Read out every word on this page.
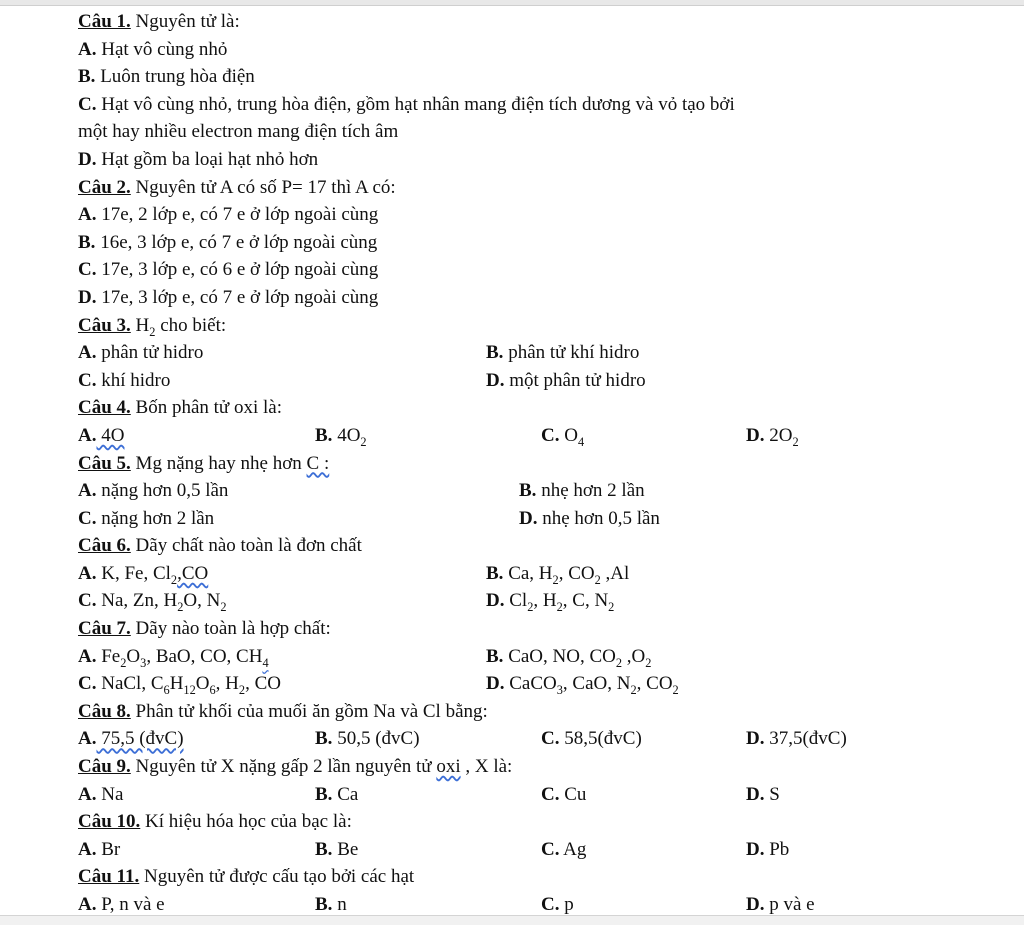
Câu 1. Nguyên tử là:
A. Hạt vô cùng nhỏ
B. Luôn trung hòa điện
C. Hạt vô cùng nhỏ, trung hòa điện, gồm hạt nhân mang điện tích dương và vỏ tạo bởi
một hay nhiều electron mang điện tích âm
D. Hạt gồm ba loại hạt nhỏ hơn
Câu 2. Nguyên tử A có số P= 17 thì A có:
A. 17e, 2 lớp e, có 7 e ở lớp ngoài cùng
B. 16e, 3 lớp e, có 7 e ở lớp ngoài cùng
C. 17e, 3 lớp e, có 6 e ở lớp ngoài cùng
D. 17e, 3 lớp e, có 7 e ở lớp ngoài cùng
Câu 3. $H_2$ cho biết:
A. phân tử hidro	B. phân tử khí hidro
C. khí hidro	D. một phân tử hidro
Câu 4. Bốn phân tử oxi là:
A. 4O	B. $4O_2$	C. $O_4$	D. $2O_2$
Câu 5. Mg nặng hay nhẹ hơn C :
A. nặng hơn 0,5 lần	B. nhẹ hơn 2 lần
C. nặng hơn 2 lần	D. nhẹ hơn 0,5 lần
Câu 6. Dãy chất nào toàn là đơn chất
A. K, Fe, $Cl_2,CO$	B. Ca, $H_2$, $CO_2$ ,Al
C. Na, Zn, $H_2O$, $N_2$	D. $Cl_2$, $H_2$, C, $N_2$
Câu 7. Dãy nào toàn là hợp chất:
A. $Fe_2O_3$, BaO, CO, $CH_4$	B. CaO, NO, $CO_2$ $,O_2$
C. NaCl, $C_6H_{12}O_6$, $H_2$, CO	D. CaCO$_3$, CaO, $N_2$, $CO_2$
Câu 8. Phân tử khối của muối ăn gồm Na và Cl bằng:
A. 75,5 (đvC)	B. 50,5 (đvC)	C. 58,5(đvC)	D. 37,5(đvC)
Câu 9. Nguyên tử X nặng gấp 2 lần nguyên tử oxi , X là:
A. Na	B. Ca	C. Cu	D. S
Câu 10. Kí hiệu hóa học của bạc là:
A. Br	B. Be	C. Ag	D. Pb
Câu 11. Nguyên tử được cấu tạo bởi các hạt
A. P, n và e	B. n	C. p	D. p và e
